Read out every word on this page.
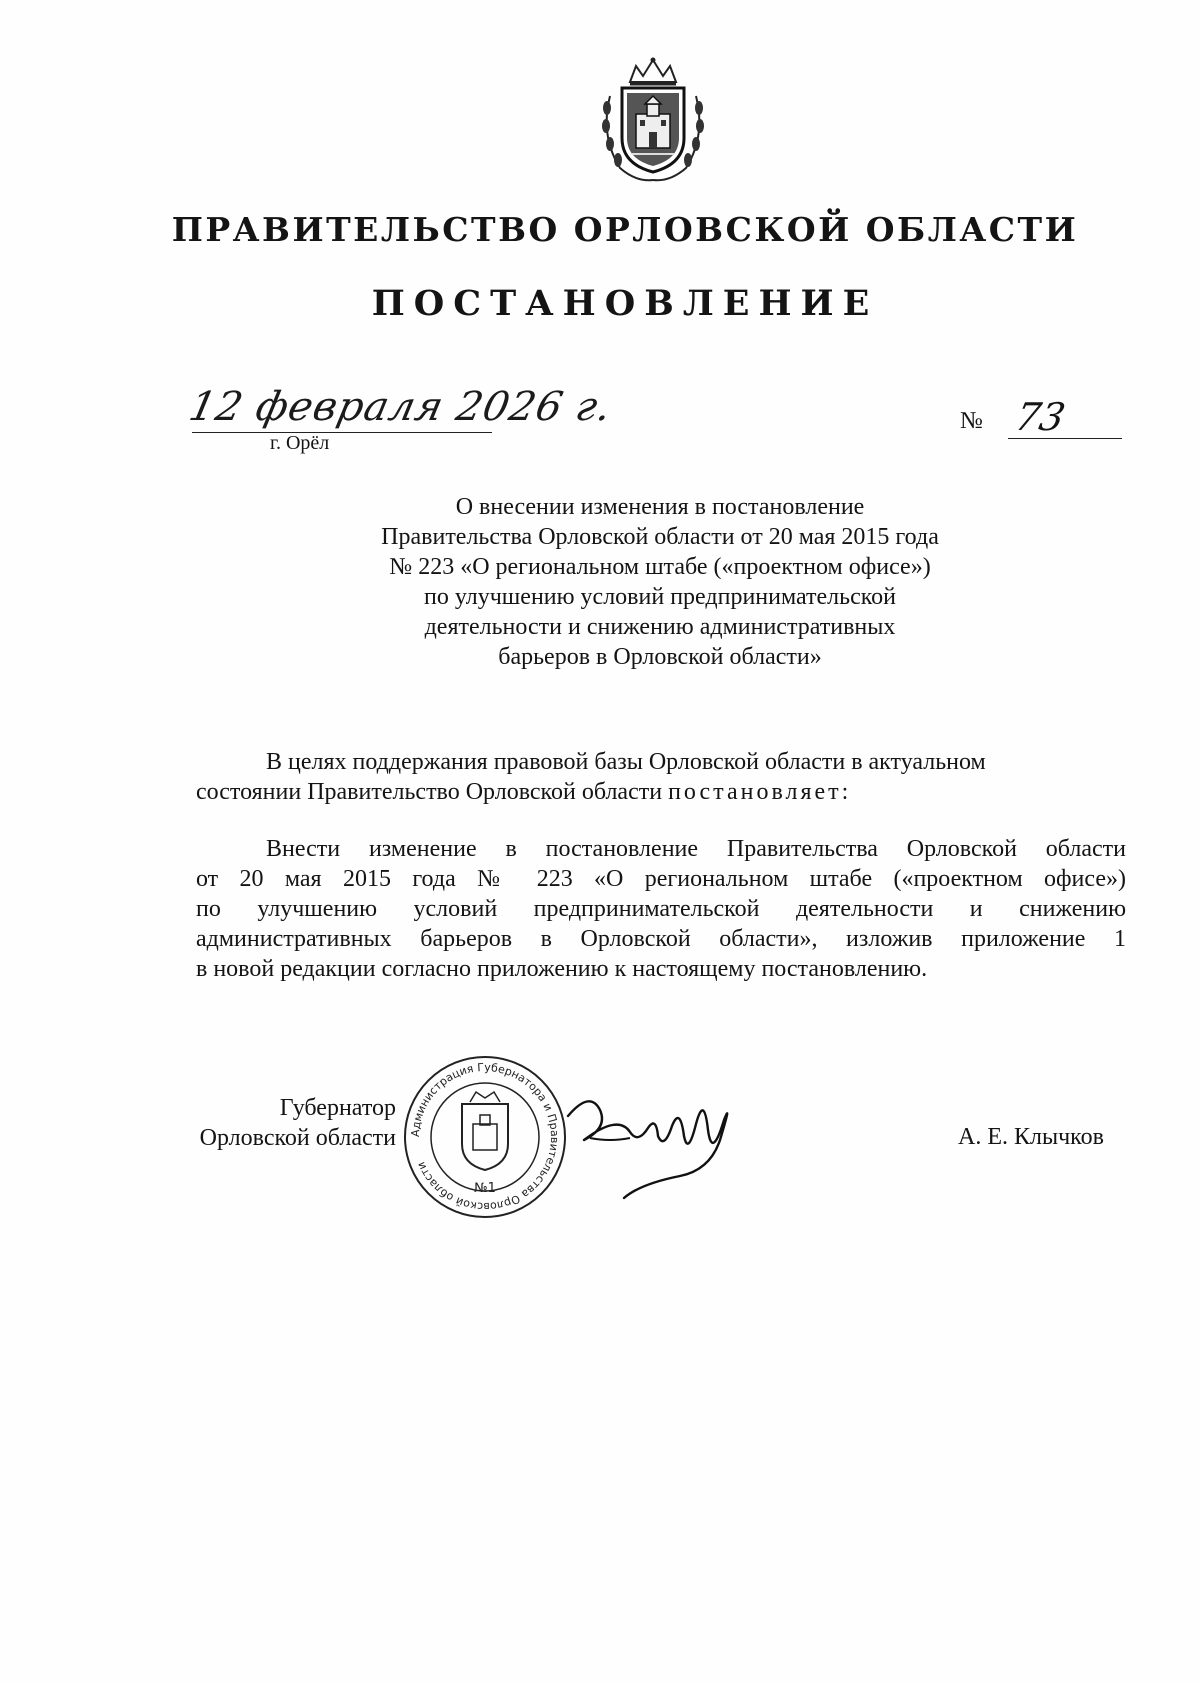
ПРАВИТЕЛЬСТВО ОРЛОВСКОЙ ОБЛАСТИ
ПОСТАНОВЛЕНИЕ
12 февраля 2026 г.
г. Орёл
№ 73
О внесении изменения в постановление
Правительства Орловской области от 20 мая 2015 года
№ 223 «О региональном штабе («проектном офисе»)
по улучшению условий предпринимательской
деятельности и снижению административных
барьеров в Орловской области»
В целях поддержания правовой базы Орловской области в актуальном
состоянии Правительство Орловской области постановляет:
Внести изменение в постановление Правительства Орловской области
от 20 мая 2015 года № 223 «О региональном штабе («проектном офисе»)
по улучшению условий предпринимательской деятельности и снижению
административных барьеров в Орловской области», изложив приложение 1
в новой редакции согласно приложению к настоящему постановлению.
Губернатор
Орловской области Администрация Губернатора и Правительства Орловской области
№1
А. Е. Клычков
